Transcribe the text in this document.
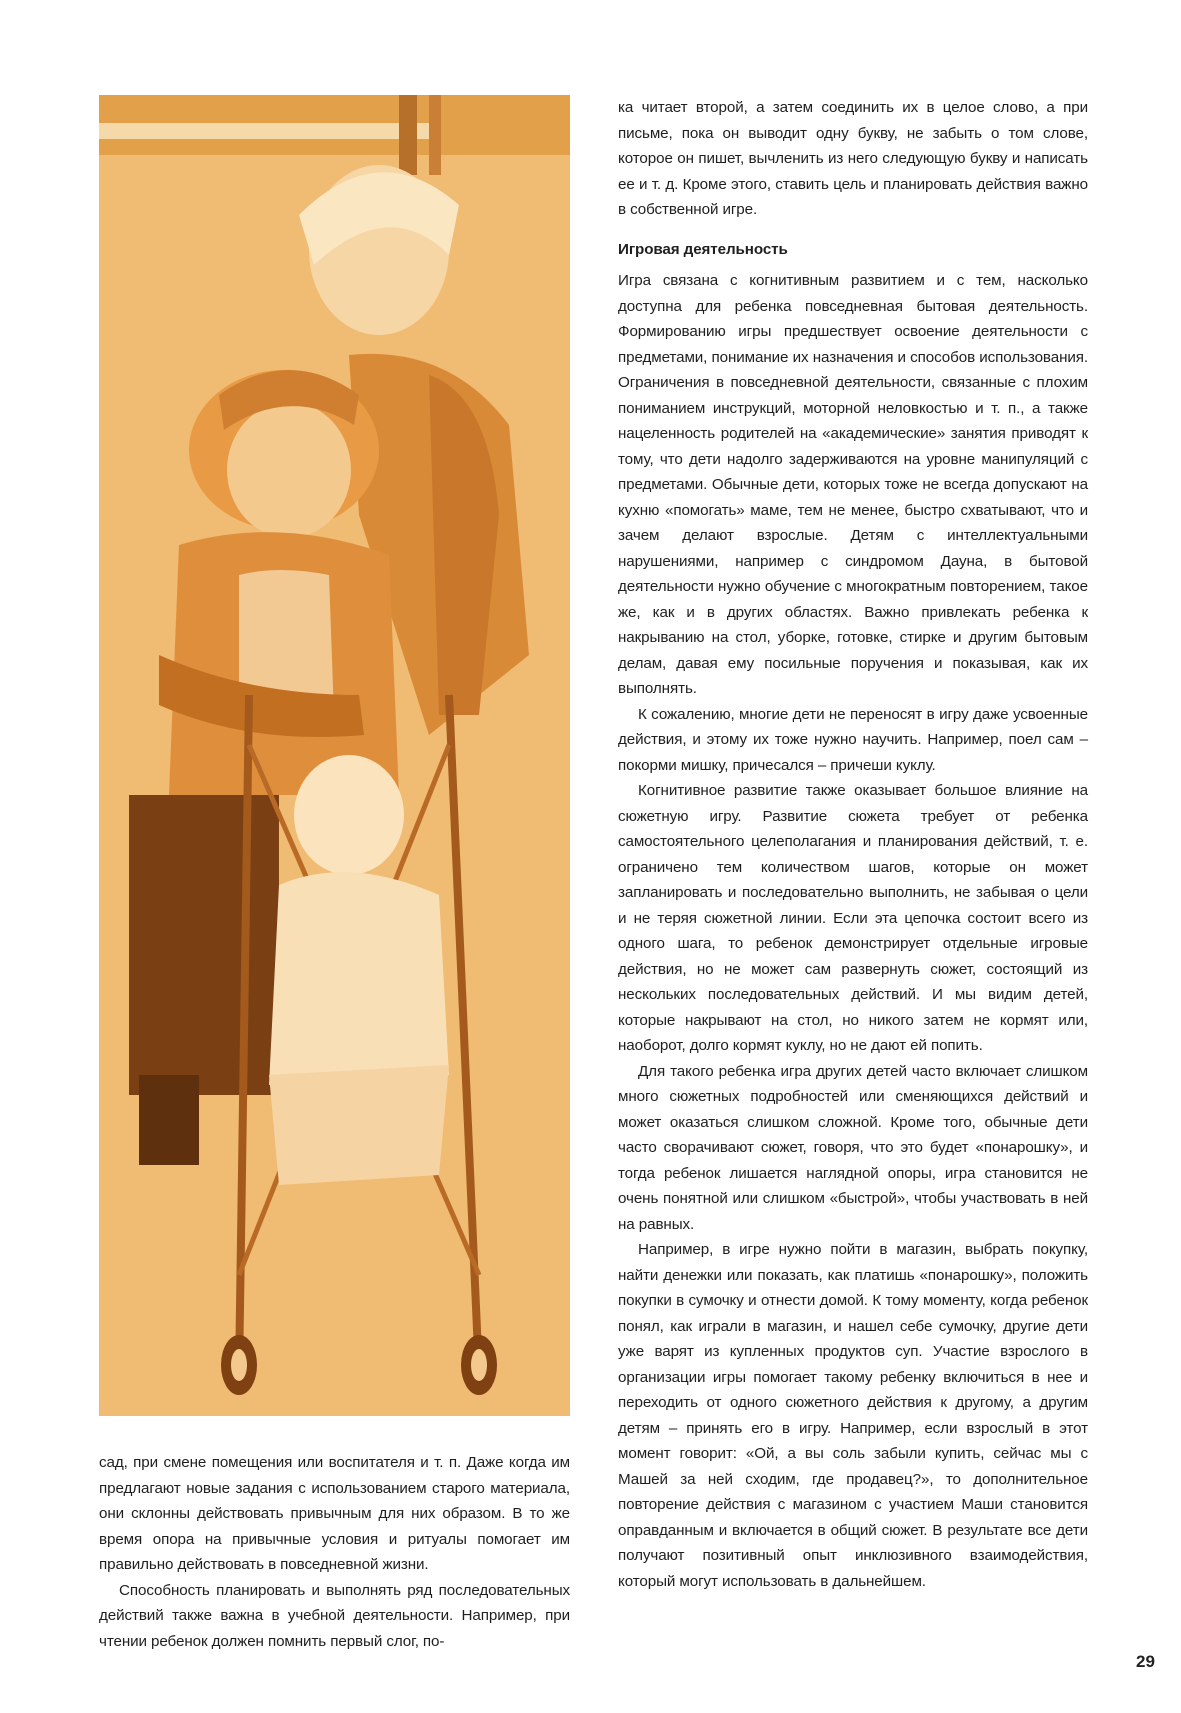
ка читает второй, а затем соединить их в целое слово, а при письме, пока он выводит одну букву, не забыть о том слове, которое он пишет, вычленить из него следующую букву и написать ее и т. д. Кроме этого, ставить цель и планировать действия важно в собственной игре.

Игровая деятельность

Игра связана с когнитивным развитием и с тем, насколько доступна для ребенка повседневная бытовая деятельность. Формированию игры предшествует освоение деятельности с предметами, понимание их назначения и способов использования. Ограничения в повседневной деятельности, связанные с плохим пониманием инструкций, моторной неловкостью и т. п., а также нацеленность родителей на «академические» занятия приводят к тому, что дети надолго задерживаются на уровне манипуляций с предметами. Обычные дети, которых тоже не всегда допускают на кухню «помогать» маме, тем не менее, быстро схватывают, что и зачем делают взрослые. Детям с интеллектуальными нарушениями, например с синдромом Дауна, в бытовой деятельности нужно обучение с многократным повторением, такое же, как и в других областях. Важно привлекать ребенка к накрыванию на стол, уборке, готовке, стирке и другим бытовым делам, давая ему посильные поручения и показывая, как их выполнять.

К сожалению, многие дети не переносят в игру даже усвоенные действия, и этому их тоже нужно научить. Например, поел сам – покорми мишку, причесался – причеши куклу.

Когнитивное развитие также оказывает большое влияние на сюжетную игру. Развитие сюжета требует от ребенка самостоятельного целеполагания и планирования действий, т. е. ограничено тем количеством шагов, которые он может запланировать и последовательно выполнить, не забывая о цели и не теряя сюжетной линии. Если эта цепочка состоит всего из одного шага, то ребенок демонстрирует отдельные игровые действия, но не может сам развернуть сюжет, состоящий из нескольких последовательных действий. И мы видим детей, которые накрывают на стол, но никого затем не кормят или, наоборот, долго кормят куклу, но не дают ей попить.

Для такого ребенка игра других детей часто включает слишком много сюжетных подробностей или сменяющихся действий и может оказаться слишком сложной. Кроме того, обычные дети часто сворачивают сюжет, говоря, что это будет «понарошку», и тогда ребенок лишается наглядной опоры, игра становится не очень понятной или слишком «быстрой», чтобы участвовать в ней на равных.

Например, в игре нужно пойти в магазин, выбрать покупку, найти денежки или показать, как платишь «понарошку», положить покупки в сумочку и отнести домой. К тому моменту, когда ребенок понял, как играли в магазин, и нашел себе сумочку, другие дети уже варят из купленных продуктов суп. Участие взрослого в организации игры помогает такому ребенку включиться в нее и переходить от одного сюжетного действия к другому, а другим детям – принять его в игру. Например, если взрослый в этот момент говорит: «Ой, а вы соль забыли купить, сейчас мы с Машей за ней сходим, где продавец?», то дополнительное повторение действия с магазином с участием Маши становится оправданным и включается в общий сюжет. В результате все дети получают позитивный опыт инклюзивного взаимодействия, который могут использовать в дальнейшем.

сад, при смене помещения или воспитателя и т. п. Даже когда им предлагают новые задания с использованием старого материала, они склонны действовать привычным для них образом. В то же время опора на привычные условия и ритуалы помогает им правильно действовать в повседневной жизни.

Способность планировать и выполнять ряд последовательных действий также важна в учебной деятельности. Например, при чтении ребенок должен помнить первый слог, по-

29
